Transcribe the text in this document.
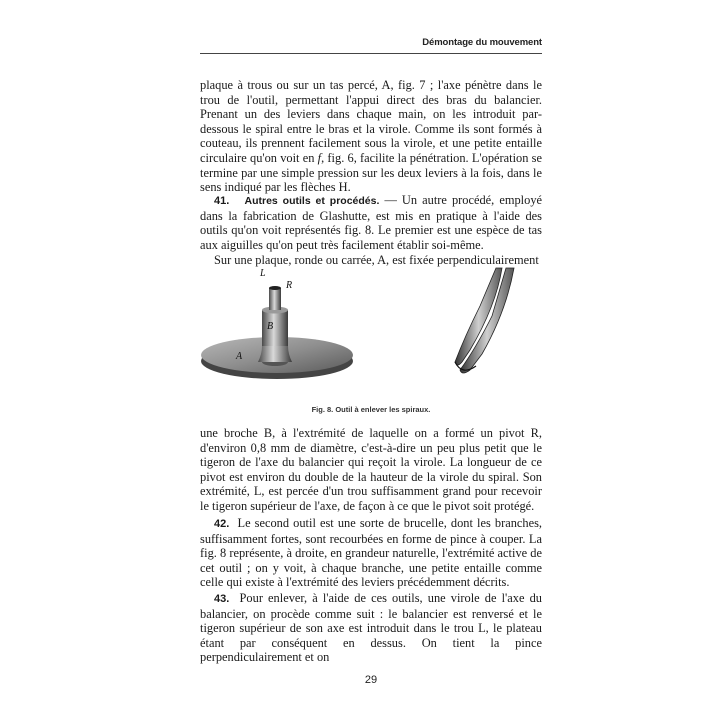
Démontage du mouvement

plaque à trous ou sur un tas percé, A, fig. 7 ; l'axe pénètre dans le trou de l'outil, permettant l'appui direct des bras du balancier. Prenant un des leviers dans chaque main, on les introduit par-dessous le spiral entre le bras et la virole. Comme ils sont formés à couteau, ils prennent facilement sous la virole, et une petite entaille circulaire qu'on voit en f, fig. 6, facilite la pénétration. L'opération se termine par une simple pression sur les deux leviers à la fois, dans le sens indiqué par les flèches H.

41. Autres outils et procédés. — Un autre procédé, employé dans la fabrication de Glashutte, est mis en pratique à l'aide des outils qu'on voit représentés fig. 8. Le premier est une espèce de tas aux aiguilles qu'on peut très facilement établir soi-même.

Sur une plaque, ronde ou carrée, A, est fixée perpendiculairement

L
R
B
A
Fig. 8. Outil à enlever les spiraux.

une broche B, à l'extrémité de laquelle on a formé un pivot R, d'environ 0,8 mm de diamètre, c'est-à-dire un peu plus petit que le tigeron de l'axe du balancier qui reçoit la virole. La longueur de ce pivot est environ du double de la hauteur de la virole du spiral. Son extrémité, L, est percée d'un trou suffisamment grand pour recevoir le tigeron supérieur de l'axe, de façon à ce que le pivot soit protégé.

42. Le second outil est une sorte de brucelle, dont les branches, suffisamment fortes, sont recourbées en forme de pince à couper. La fig. 8 représente, à droite, en grandeur naturelle, l'extrémité active de cet outil ; on y voit, à chaque branche, une petite entaille comme celle qui existe à l'extrémité des leviers précédemment décrits.

43. Pour enlever, à l'aide de ces outils, une virole de l'axe du balancier, on procède comme suit : le balancier est renversé et le tigeron supérieur de son axe est introduit dans le trou L, le plateau étant par conséquent en dessus. On tient la pince perpendiculairement et on

29
